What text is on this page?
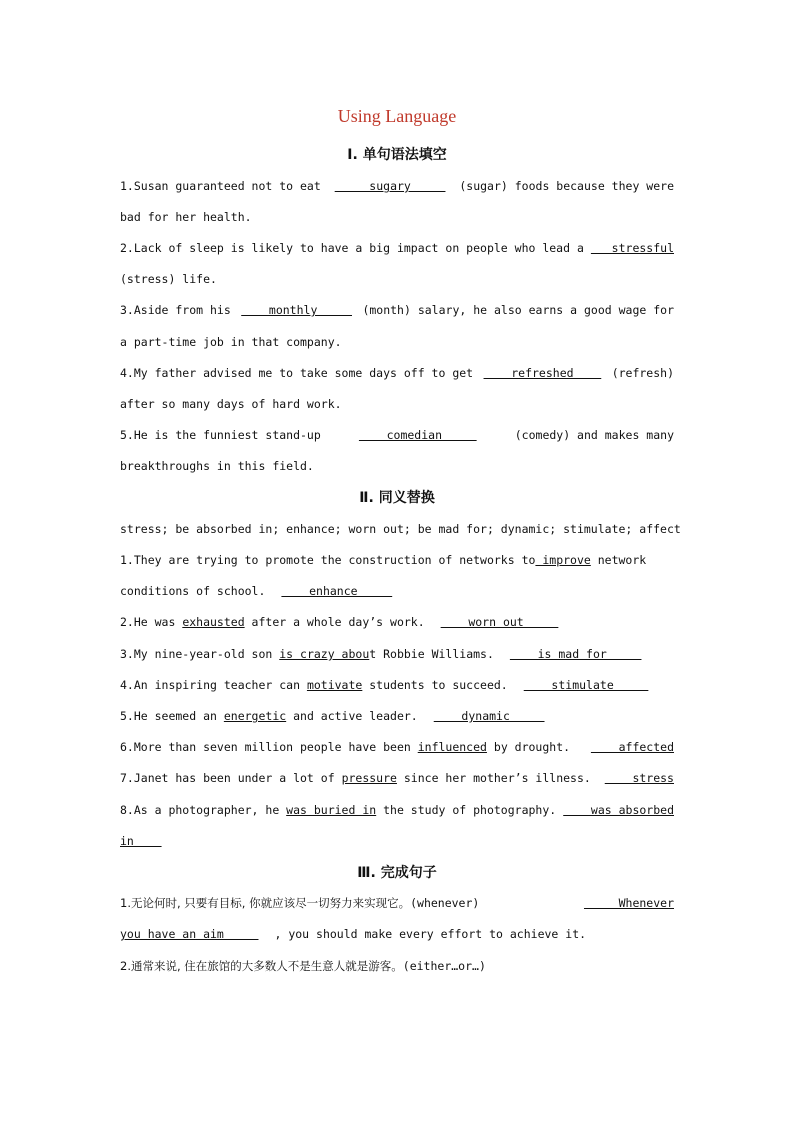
Using Language
Ⅰ. 单句语法填空
1.Susan guaranteed not to eat sugary (sugar) foods because they were
bad for her health.
2.Lack of sleep is likely to have a big impact on people who lead a stressful
(stress) life.
3.Aside from his monthly (month) salary, he also earns a good wage for
a part-time job in that company.
4.My father advised me to take some days off to get refreshed (refresh)
after so many days of hard work.
5.He is the funniest stand-up	comedian	(comedy) and makes many
breakthroughs in this field.
Ⅱ. 同义替换
stress; be absorbed in; enhance; worn out; be mad for; dynamic; stimulate; affect
1.They are trying to promote the construction of networks to improve network
conditions of school. enhance
2.He was exhausted after a whole day’s work. worn out
3.My nine-year-old son is crazy abou t Robbie Williams. is mad for
4.An inspiring teacher can motivate students to succeed. stimulate
5.He seemed an energetic and active leader. dynamic
6.More than seven million people have been influenced by drought. affected
7.Janet has been under a lot of pressure since her mother’s illness. stress
8.As a photographer, he was buried in the study of photography. was absorbed
in
Ⅲ. 完成句子
1.无论何时, 只要有目标, 你就应该尽一切努力来实现它。(whenever)	Whenever
you have an aim , you should make every effort to achieve it.
2.通常来说, 住在旅馆的大多数人不是生意人就是游客。 (either…or…)
